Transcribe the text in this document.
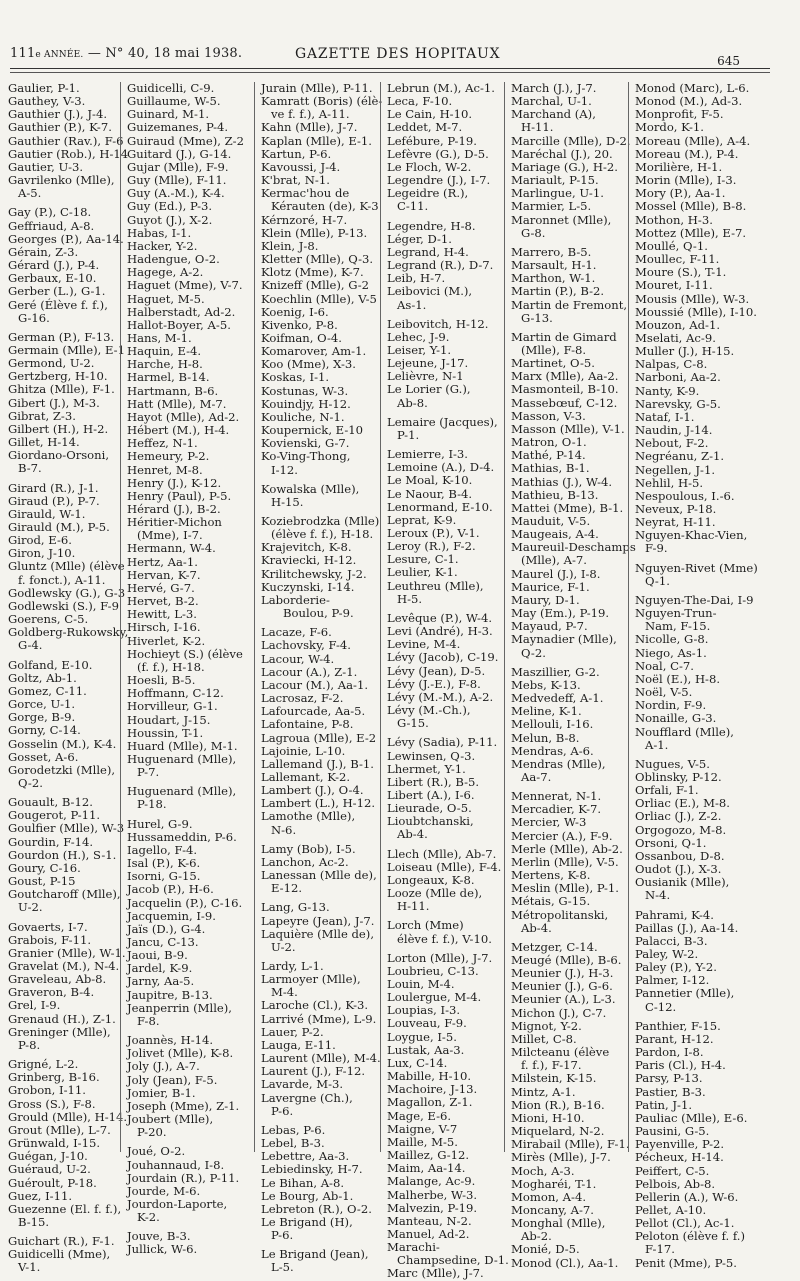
111e ANNÉE. — N° 40, 18 mai 1938.	GAZETTE DES HOPITAUX	645
Gaulier, P-1.
Gauthey, V-3.
Gauthier (J.), J-4.
Gauthier (P.), K-7.
Gauthier (Rav.), F-6
Gautier (Rob.), H-14
Gautier, U-3.
Gavrilenko (Mlle),
A-5.
Gay (P.), C-18.
Geffriaud, A-8.
Georges (P.), Aa-14.
Gérain, Z-3.
Gérard (J.), P-4.
Gerbaux, E-10.
Gerber (L.), G-1.
Geré (Élève f. f.),
G-16.
German (P.), F-13.
Germain (Mlle), E-1
Germond, U-2.
Gertzberg, H-10.
Ghitza (Mlle), F-1.
Gibert (J.), M-3.
Gibrat, Z-3.
Gilbert (H.), H-2.
Gillet, H-14.
Giordano-Orsoni,
B-7.
Girard (R.), J-1.
Giraud (P.), P-7.
Girauld, W-1.
Girauld (M.), P-5.
Girod, E-6.
Giron, J-10.
Gluntz (Mlle) (élève
f. fonct.), A-11.
Godlewsky (G.), G-3
Godlewski (S.), F-9
Goerens, C-5.
Goldberg-Rukowsky,
G-4.
Golfand, E-10.
Goltz, Ab-1.
Gomez, C-11.
Gorce, U-1.
Gorge, B-9.
Gorny, C-14.
Gosselin (M.), K-4.
Gosset, A-6.
Gorodetzki (Mlle),
Q-2.
Gouault, B-12.
Gougerot, P-11.
Goulfier (Mlle), W-3
Gourdin, F-14.
Gourdon (H.), S-1.
Goury, C-16.
Goust, P-15
Goutcharoff (Mlle),
U-2.
Govaerts, I-7.
Grabois, F-11.
Granier (Mlle), W-1.
Gravelat (M.), N-4.
Graveleau, Ab-8.
Graveron, B-4.
Grel, I-9.
Grenaud (H.), Z-1.
Greninger (Mlle),
P-8.
Grigné, L-2.
Grinberg, B-16.
Grobon, I-11.
Gross (S.), F-8.
Grould (Mlle), H-14.
Grout (Mlle), L-7.
Grünwald, I-15.
Guégan, J-10.
Guéraud, U-2.
Guéroult, P-18.
Guez, I-11.
Guezenne (El. f. f.),
B-15.
Guichart (R.), F-1.
Guidicelli (Mme),
V-1.
Guidicelli, C-9.
Guillaume, W-5.
Guinard, M-1.
Guizemanes, P-4.
Guiraud (Mme), Z-2
Guitard (J.), G-14.
Gujar (Mlle), F-9.
Guy (Mlle), F-11.
Guy (A.-M.), K-4.
Guy (Ed.), P-3.
Guyot (J.), X-2.
Habas, I-1.
Hacker, Y-2.
Hadengue, O-2.
Hagege, A-2.
Haguet (Mme), V-7.
Haguet, M-5.
Halberstadt, Ad-2.
Hallot-Boyer, A-5.
Hans, M-1.
Haquin, E-4.
Harche, H-8.
Harmel, B-14.
Hartmann, B-6.
Hatt (Mlle), M-7.
Hayot (Mlle), Ad-2.
Hébert (M.), H-4.
Heffez, N-1.
Hemeury, P-2.
Henret, M-8.
Henry (J.), K-12.
Henry (Paul), P-5.
Hérard (J.), B-2.
Héritier-Michon
(Mme), I-7.
Hermann, W-4.
Hertz, Aa-1.
Hervan, K-7.
Hervé, G-7.
Hervet, B-2.
Hewitt, L-3.
Hirsch, I-16.
Hiverlet, K-2.
Hochieyt (S.) (élève
(f. f.), H-18.
Hoesli, B-5.
Hoffmann, C-12.
Horvilleur, G-1.
Houdart, J-15.
Houssin, T-1.
Huard (Mlle), M-1.
Huguenard (Mlle),
P-7.
Huguenard (Mlle),
P-18.
Hurel, G-9.
Hussameddin, P-6.
Iagello, F-4.
Isal (P.), K-6.
Isorni, G-15.
Jacob (P.), H-6.
Jacquelin (P.), C-16.
Jacquemin, I-9.
Jaïs (D.), G-4.
Jancu, C-13.
Jaoui, B-9.
Jardel, K-9.
Jarny, Aa-5.
Jaupitre, B-13.
Jeanperrin (Mlle),
F-8.
Joannès, H-14.
Jolivet (Mlle), K-8.
Joly (J.), A-7.
Joly (Jean), F-5.
Jomier, B-1.
Joseph (Mme), Z-1.
Joubert (Mlle),
P-20.
Joué, O-2.
Jouhannaud, I-8.
Jourdain (R.), P-11.
Jourde, M-6.
Jourdon-Laporte,
K-2.
Jouve, B-3.
Jullick, W-6.
Jurain (Mlle), P-11.
Kamratt (Boris) (élè-
ve f. f.), A-11.
Kahn (Mlle), J-7.
Kaplan (Mlle), E-1.
Kartun, P-6.
Kavoussi, J-4.
K'brat, N-1.
Kermac'hou de
Kérauten (de), K-3
Kérnzoré, H-7.
Klein (Mlle), P-13.
Klein, J-8.
Kletter (Mlle), Q-3.
Klotz (Mme), K-7.
Knizeff (Mlle), G-2
Koechlin (Mlle), V-5
Koenig, I-6.
Kivenko, P-8.
Koifman, O-4.
Komarover, Am-1.
Koo (Mme), X-3.
Koskas, I-1.
Kostunas, W-3.
Kouindjy, H-12.
Kouliche, N-1.
Koupernick, E-10
Kovienski, G-7.
Ko-Ving-Thong,
I-12.
Kowalska (Mlle),
H-15.
Koziebrodzka (Mlle)
(élève f. f.), H-18.
Krajevitch, K-8.
Kraviecki, H-12.
Krilitchewsky, J-2.
Kuczynski, I-14.
Laborderie-
Boulou, P-9.
Lacaze, F-6.
Lachovsky, F-4.
Lacour, W-4.
Lacour (A.), Z-1.
Lacour (M.), Aa-1.
Lacrosaz, F-2.
Lafourcade, Aa-5.
Lafontaine, P-8.
Lagroua (Mlle), E-2
Lajoinie, L-10.
Lallemand (J.), B-1.
Lallemant, K-2.
Lambert (J.), O-4.
Lambert (L.), H-12.
Lamothe (Mlle),
N-6.
Lamy (Bob), I-5.
Lanchon, Ac-2.
Lanessan (Mlle de),
E-12.
Lang, G-13.
Lapeyre (Jean), J-7.
Laquière (Mlle de),
U-2.
Lardy, L-1.
Larmoyer (Mlle),
M-4.
Laroche (Cl.), K-3.
Larrivé (Mme), L-9.
Lauer, P-2.
Lauga, E-11.
Laurent (Mlle), M-4.
Laurent (J.), F-12.
Lavarde, M-3.
Lavergne (Ch.),
P-6.
Lebas, P-6.
Lebel, B-3.
Lebettre, Aa-3.
Lebiedinsky, H-7.
Le Bihan, A-8.
Le Bourg, Ab-1.
Lebreton (R.), O-2.
Le Brigand (H),
P-6.
Le Brigand (Jean),
L-5.
Lebrun (M.), Ac-1.
Leca, F-10.
Le Cain, H-10.
Leddet, M-7.
Lefébure, P-19.
Lefèvre (G.), D-5.
Le Floch, W-2.
Legendre (J.), I-7.
Legeidre (R.),
C-11.
Legendre, H-8.
Léger, D-1.
Legrand, H-4.
Legrand (R.), D-7.
Leib, H-7.
Leibovici (M.),
As-1.
Leibovitch, H-12.
Lehec, J-9.
Leiser, Y-1.
Lejeune, J-17.
Lelièvre, N-1
Le Lorier (G.),
Ab-8.
Lemaire (Jacques),
P-1.
Lemierre, I-3.
Lemoine (A.), D-4.
Le Moal, K-10.
Le Naour, B-4.
Lenormand, E-10.
Leprat, K-9.
Leroux (P.), V-1.
Leroy (R.), F-2.
Lesure, C-1.
Leulier, K-1.
Leuthreu (Mlle),
H-5.
Levêque (P.), W-4.
Levi (André), H-3.
Levine, M-4.
Lévy (Jacob), C-19.
Lévy (Jean), D-5.
Lévy (J.-E.), F-8.
Lévy (M.-M.), A-2.
Lévy (M.-Ch.),
G-15.
Lévy (Sadia), P-11.
Lewinsen, Q-3.
Lhermet, Y-1.
Libert (R.), B-5.
Libert (A.), I-6.
Lieurade, O-5.
Lioubtchanski,
Ab-4.
Llech (Mlle), Ab-7.
Loiseau (Mlle), F-4.
Longeaux, K-8.
Looze (Mlle de),
H-11.
Lorch (Mme)
élève f. f.), V-10.
Lorton (Mlle), J-7.
Loubrieu, C-13.
Louin, M-4.
Loulergue, M-4.
Loupias, I-3.
Louveau, F-9.
Loygue, I-5.
Lustak, Aa-3.
Lux, C-14.
Mabille, H-10.
Machoire, J-13.
Magallon, Z-1.
Mage, E-6.
Maigne, V-7
Maille, M-5.
Maillez, G-12.
Maim, Aa-14.
Malange, Ac-9.
Malherbe, W-3.
Malvezin, P-19.
Manteau, N-2.
Manuel, Ad-2.
Marachi-
Champsedine, D-1.
Marc (Mlle), J-7.
March (J.), J-7.
Marchal, U-1.
Marchand (A),
H-11.
Marcille (Mlle), D-2.
Maréchal (J.), 20.
Mariage (G.), H-2.
Mariault, P-15.
Marlingue, U-1.
Marmier, L-5.
Maronnet (Mlle),
G-8.
Marrero, B-5.
Marsault, H-1.
Marthon, W-1.
Martin (P.), B-2.
Martin de Fremont,
G-13.
Martin de Gimard
(Mlle), F-8.
Martinet, O-5.
Marx (Mlle), Aa-2.
Masmonteil, B-10.
Massebœuf, C-12.
Masson, V-3.
Masson (Mlle), V-1.
Matron, O-1.
Mathé, P-14.
Mathias, B-1.
Mathias (J.), W-4.
Mathieu, B-13.
Mattei (Mme), B-1.
Mauduit, V-5.
Maugeais, A-4.
Maureuil-Deschamps
(Mlle), A-7.
Maurel (J.), I-8.
Maurice, F-1.
Maury, D-1.
May (Em.), P-19.
Mayaud, P-7.
Maynadier (Mlle),
Q-2.
Maszillier, G-2.
Mebs, K-13.
Medvedeff, A-1.
Meline, K-1.
Mellouli, I-16.
Melun, B-8.
Mendras, A-6.
Mendras (Mlle),
Aa-7.
Mennerat, N-1.
Mercadier, K-7.
Mercier, W-3
Mercier (A.), F-9.
Merle (Mlle), Ab-2.
Merlin (Mlle), V-5.
Mertens, K-8.
Meslin (Mlle), P-1.
Métais, G-15.
Métropolitanski,
Ab-4.
Metzger, C-14.
Meugé (Mlle), B-6.
Meunier (J.), H-3.
Meunier (J.), G-6.
Meunier (A.), L-3.
Michon (J.), C-7.
Mignot, Y-2.
Millet, C-8.
Milcteanu (élève
f. f.), F-17.
Milstein, K-15.
Mintz, A-1.
Mion (R.), B-16.
Mioni, H-10.
Miquelard, N-2.
Mirabail (Mlle), F-1.
Mirès (Mlle), J-7.
Moch, A-3.
Mogharéi, T-1.
Momon, A-4.
Moncany, A-7.
Monghal (Mlle),
Ab-2.
Monié, D-5.
Monod (Cl.), Aa-1.
Monod (Marc), L-6.
Monod (M.), Ad-3.
Monprofit, F-5.
Mordo, K-1.
Moreau (Mlle), A-4.
Moreau (M.), P-4.
Morilière, H-1.
Morin (Mlle), I-3.
Mory (P.), Aa-1.
Mossel (Mlle), B-8.
Mothon, H-3.
Mottez (Mlle), E-7.
Moullé, Q-1.
Moullec, F-11.
Moure (S.), T-1.
Mouret, I-11.
Mousis (Mlle), W-3.
Moussié (Mlle), I-10.
Mouzon, Ad-1.
Mselati, Ac-9.
Muller (J.), H-15.
Nalpas, C-8.
Narboni, Aa-2.
Nanty, K-9.
Narevsky, G-5.
Nataf, I-1.
Naudin, J-14.
Nebout, F-2.
Negréanu, Z-1.
Negellen, J-1.
Nehlil, H-5.
Nespoulous, I.-6.
Neveux, P-18.
Neyrat, H-11.
Nguyen-Khac-Vien,
F-9.
Nguyen-Rivet (Mme)
Q-1.
Nguyen-The-Dai, I-9
Nguyen-Trun-
Nam, F-15.
Nicolle, G-8.
Niego, As-1.
Noal, C-7.
Noël (E.), H-8.
Noël, V-5.
Nordin, F-9.
Nonaille, G-3.
Noufflard (Mlle),
A-1.
Nugues, V-5.
Oblinsky, P-12.
Orfali, F-1.
Orliac (E.), M-8.
Orliac (J.), Z-2.
Orgogozo, M-8.
Orsoni, Q-1.
Ossanbou, D-8.
Oudot (J.), X-3.
Ousianik (Mlle),
N-4.
Pahrami, K-4.
Paillas (J.), Aa-14.
Palacci, B-3.
Paley, W-2.
Paley (P.), Y-2.
Palmer, I-12.
Pannetier (Mlle),
C-12.
Panthier, F-15.
Parant, H-12.
Pardon, I-8.
Paris (Cl.), H-4.
Parsy, P-13.
Pastier, B-3.
Patin, J-1.
Pauliac (Mlle), E-6.
Pausini, G-5.
Payenville, P-2.
Pécheux, H-14.
Peiffert, C-5.
Pelbois, Ab-8.
Pellerin (A.), W-6.
Pellet, A-10.
Pellot (Cl.), Ac-1.
Peloton (élève f. f.)
F-17.
Penit (Mme), P-5.
